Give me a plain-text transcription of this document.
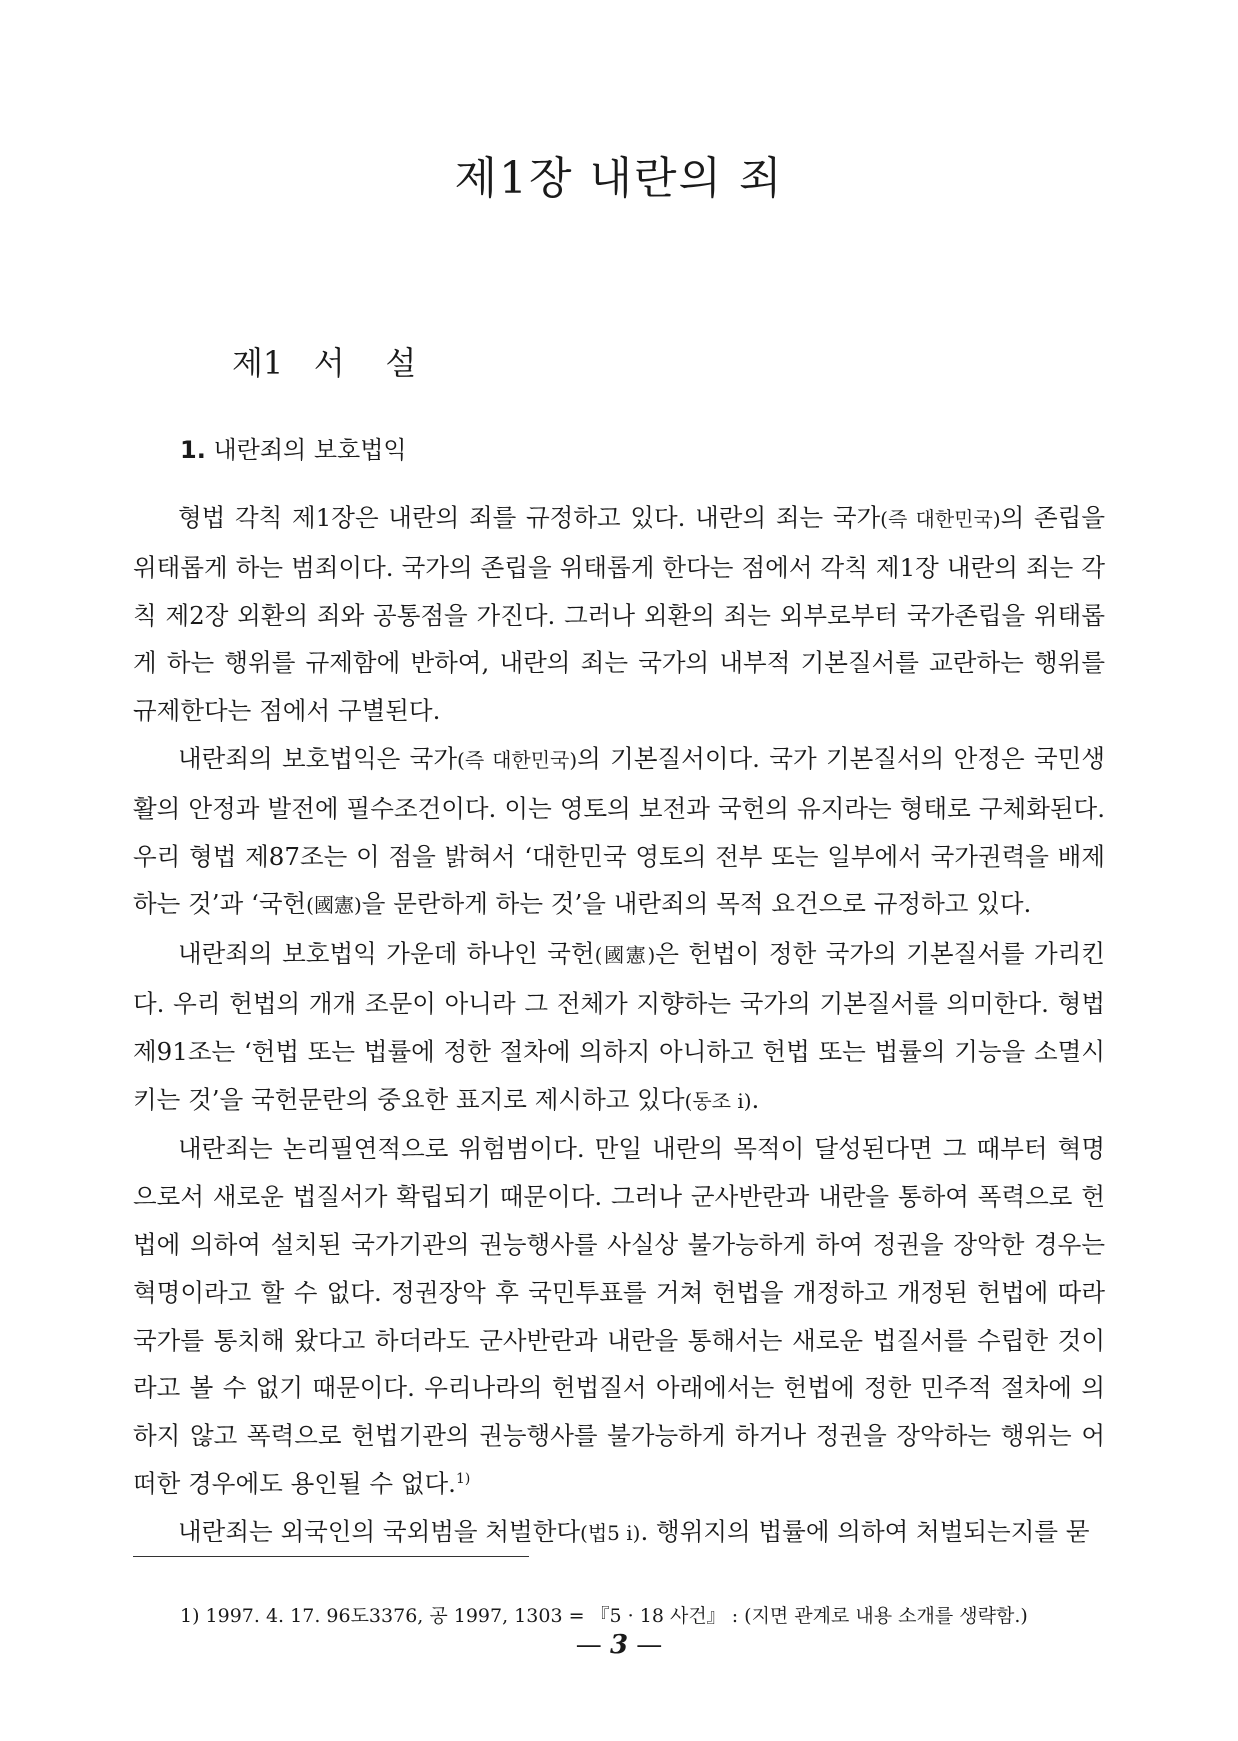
제1장 내란의 죄
제1   서    설
1. 내란죄의 보호법익

형법 각칙 제1장은 내란의 죄를 규정하고 있다. 내란의 죄는 국가(즉 대한민국)의 존립을 위태롭게 하는 범죄이다. 국가의 존립을 위태롭게 한다는 점에서 각칙 제1장 내란의 죄는 각칙 제2장 외환의 죄와 공통점을 가진다. 그러나 외환의 죄는 외부로부터 국가존립을 위태롭게 하는 행위를 규제함에 반하여, 내란의 죄는 국가의 내부적 기본질서를 교란하는 행위를 규제한다는 점에서 구별된다.

내란죄의 보호법익은 국가(즉 대한민국)의 기본질서이다. 국가 기본질서의 안정은 국민생활의 안정과 발전에 필수조건이다. 이는 영토의 보전과 국헌의 유지라는 형태로 구체화된다. 우리 형법 제87조는 이 점을 밝혀서 ‘대한민국 영토의 전부 또는 일부에서 국가권력을 배제하는 것’과 ‘국헌(國憲)을 문란하게 하는 것’을 내란죄의 목적 요건으로 규정하고 있다.

내란죄의 보호법익 가운데 하나인 국헌(國憲)은 헌법이 정한 국가의 기본질서를 가리킨다. 우리 헌법의 개개 조문이 아니라 그 전체가 지향하는 국가의 기본질서를 의미한다. 형법 제91조는 ‘헌법 또는 법률에 정한 절차에 의하지 아니하고 헌법 또는 법률의 기능을 소멸시키는 것’을 국헌문란의 중요한 표지로 제시하고 있다(동조 i).

내란죄는 논리필연적으로 위험범이다. 만일 내란의 목적이 달성된다면 그 때부터 혁명으로서 새로운 법질서가 확립되기 때문이다. 그러나 군사반란과 내란을 통하여 폭력으로 헌법에 의하여 설치된 국가기관의 권능행사를 사실상 불가능하게 하여 정권을 장악한 경우는 혁명이라고 할 수 없다. 정권장악 후 국민투표를 거쳐 헌법을 개정하고 개정된 헌법에 따라 국가를 통치해 왔다고 하더라도 군사반란과 내란을 통해서는 새로운 법질서를 수립한 것이라고 볼 수 없기 때문이다. 우리나라의 헌법질서 아래에서는 헌법에 정한 민주적 절차에 의하지 않고 폭력으로 헌법기관의 권능행사를 불가능하게 하거나 정권을 장악하는 행위는 어떠한 경우에도 용인될 수 없다.$^{1)}$

내란죄는 외국인의 국외범을 처벌한다(법5 i). 행위지의 법률에 의하여 처벌되는지를 묻

1) 1997. 4. 17. 96도3376, 공 1997, 1303 = 『5 · 18 사건』 : (지면 관계로 내용 소개를 생략함.)

— 3 —
